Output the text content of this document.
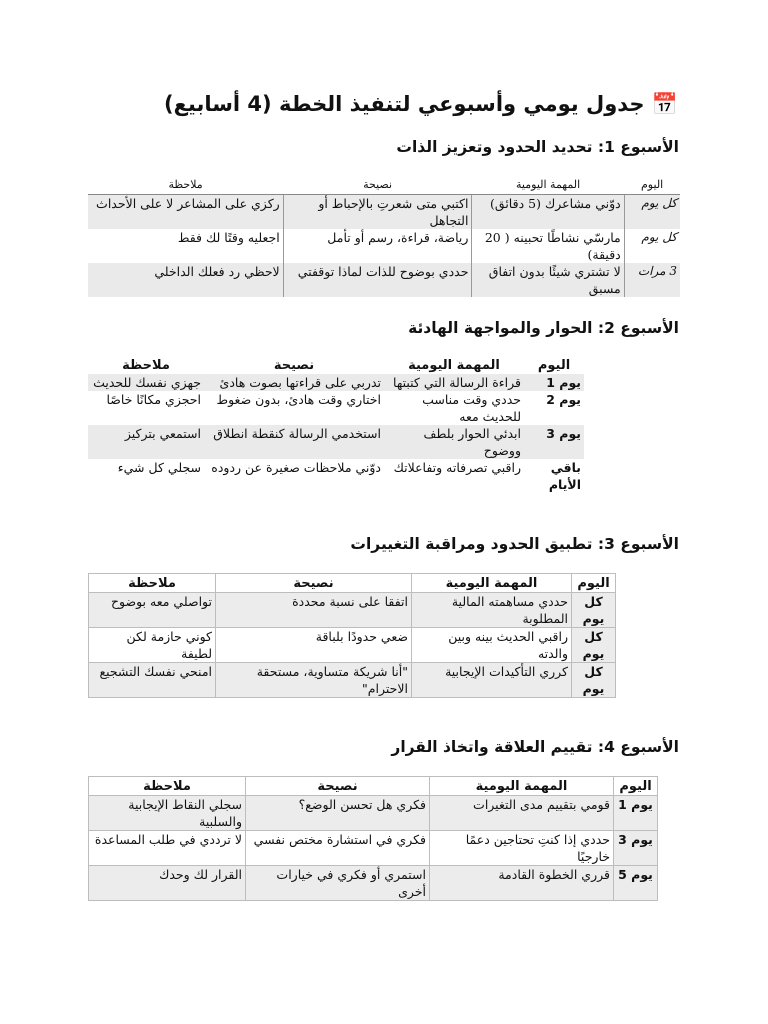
📅 جدول يومي وأسبوعي لتنفيذ الخطة (4 أسابيع)
الأسبوع 1: تحديد الحدود وتعزيز الذات
اليوم	المهمة اليومية	نصيحة	ملاحظة
كل يوم	دوّني مشاعرك (5 دقائق)	اكتبي متى شعرتِ بالإحباط أو التجاهل	ركزي على المشاعر لا على الأحداث
كل يوم	مارسّي نشاطًا تحبينه ( 20 دقيقة)	رياضة، قراءة، رسم أو تأمل	اجعليه وقتًا لك فقط
3 مرات	لا تشتري شيئًا بدون اتفاق مسبق	حددي بوضوح للذات لماذا توقفتي	لاحظي رد فعلك الداخلي
الأسبوع 2: الحوار والمواجهة الهادئة
اليوم	المهمة اليومية	نصيحة	ملاحظة
يوم 1	قراءة الرسالة التي كتبتها	تدربي على قراءتها بصوت هادئ	جهزي نفسك للحديث
يوم 2	حددي وقت مناسب للحديث معه	اختاري وقت هادئ، بدون ضغوط	احجزي مكانًا خاصًا
يوم 3	ابدئي الحوار بلطف ووضوح	استخدمي الرسالة كنقطة انطلاق	استمعي بتركيز
باقي الأيام	راقبي تصرفاته وتفاعلاتك	دوّني ملاحظات صغيرة عن ردوده	سجلي كل شيء
الأسبوع 3: تطبيق الحدود ومراقبة التغييرات
اليوم	المهمة اليومية	نصيحة	ملاحظة
كل يوم	حددي مساهمته المالية المطلوبة	اتفقا على نسبة محددة	تواصلي معه بوضوح
كل يوم	راقبي الحديث بينه وبين والدته	ضعي حدودًا بلباقة	كوني حازمة لكن لطيفة
كل يوم	كرري التأكيدات الإيجابية	"أنا شريكة متساوية، مستحقة الاحترام"	امنحي نفسك التشجيع
الأسبوع 4: تقييم العلاقة واتخاذ القرار
اليوم	المهمة اليومية	نصيحة	ملاحظة
يوم 1	قومي بتقييم مدى التغيرات	فكري هل تحسن الوضع؟	سجلي النقاط الإيجابية والسلبية
يوم 3	حددي إذا كنتِ تحتاجين دعمًا خارجيًا	فكري في استشارة مختص نفسي	لا ترددي في طلب المساعدة
يوم 5	قرري الخطوة القادمة	استمري أو فكري في خيارات أخرى	القرار لك وحدك
